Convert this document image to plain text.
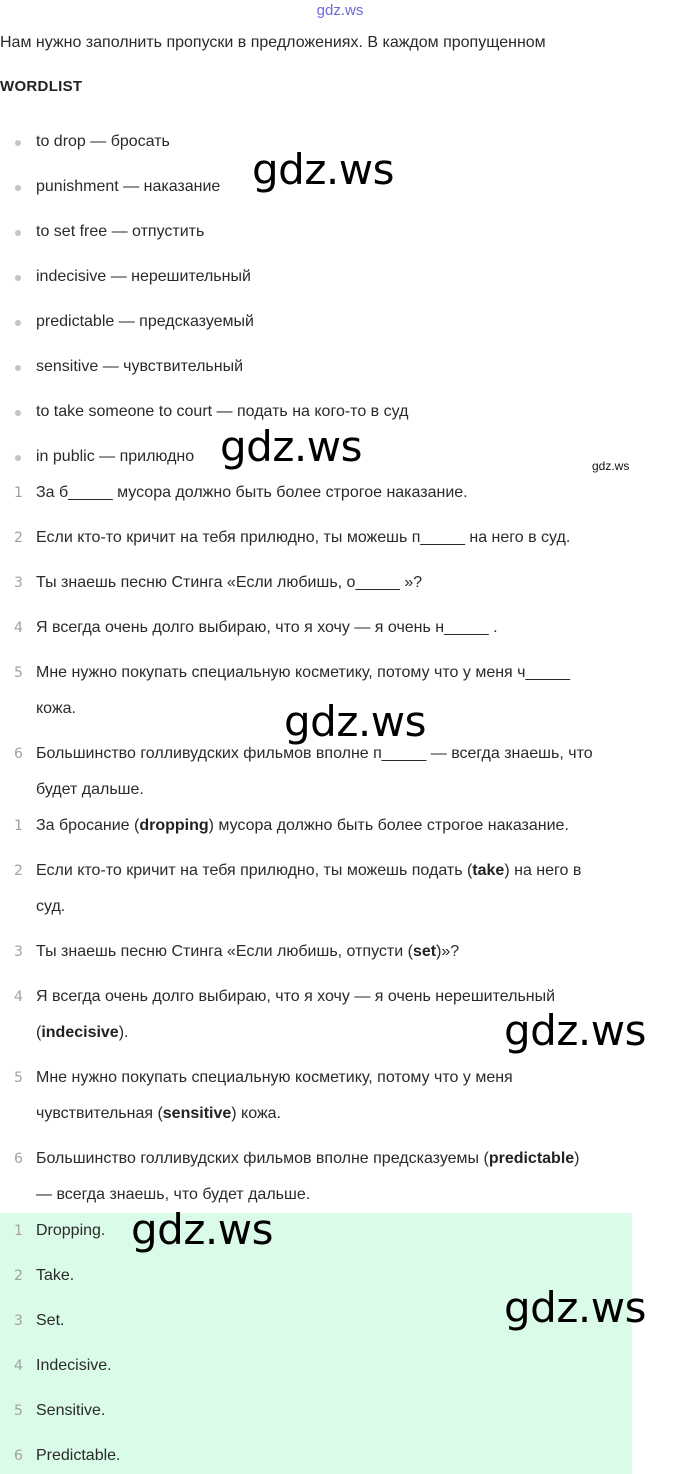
gdz.ws
Нам нужно заполнить пропуски в предложениях. В каждом пропущенном
WORDLIST
to drop — бросать
punishment — наказание
to set free — отпустить
indecisive — нерешительный
predictable — предсказуемый
sensitive — чувствительный
to take someone to court — подать на кого-то в суд
in public — прилюдно
1 За б_____ мусора должно быть более строгое наказание.
2 Если кто-то кричит на тебя прилюдно, ты можешь п_____ на него в суд.
3 Ты знаешь песню Стинга «Если любишь, о_____ »?
4 Я всегда очень долго выбираю, что я хочу — я очень н_____ .
5 Мне нужно покупать специальную косметику, потому что у меня ч_____
кожа.
6 Большинство голливудских фильмов вполне п_____ — всегда знаешь, что
будет дальше.
1 За бросание (dropping) мусора должно быть более строгое наказание.
2 Если кто-то кричит на тебя прилюдно, ты можешь подать (take) на него в
суд.
3 Ты знаешь песню Стинга «Если любишь, отпусти (set)»?
4 Я всегда очень долго выбираю, что я хочу — я очень нерешительный
(indecisive).
5 Мне нужно покупать специальную косметику, потому что у меня
чувствительная (sensitive) кожа.
6 Большинство голливудских фильмов вполне предсказуемы (predictable)
— всегда знаешь, что будет дальше.
1 Dropping.
2 Take.
3 Set.
4 Indecisive.
5 Sensitive.
6 Predictable.
gdz.ws
gdz.ws	gdz.ws
gdz.ws
gdz.ws
gdz.ws
gdz.ws
